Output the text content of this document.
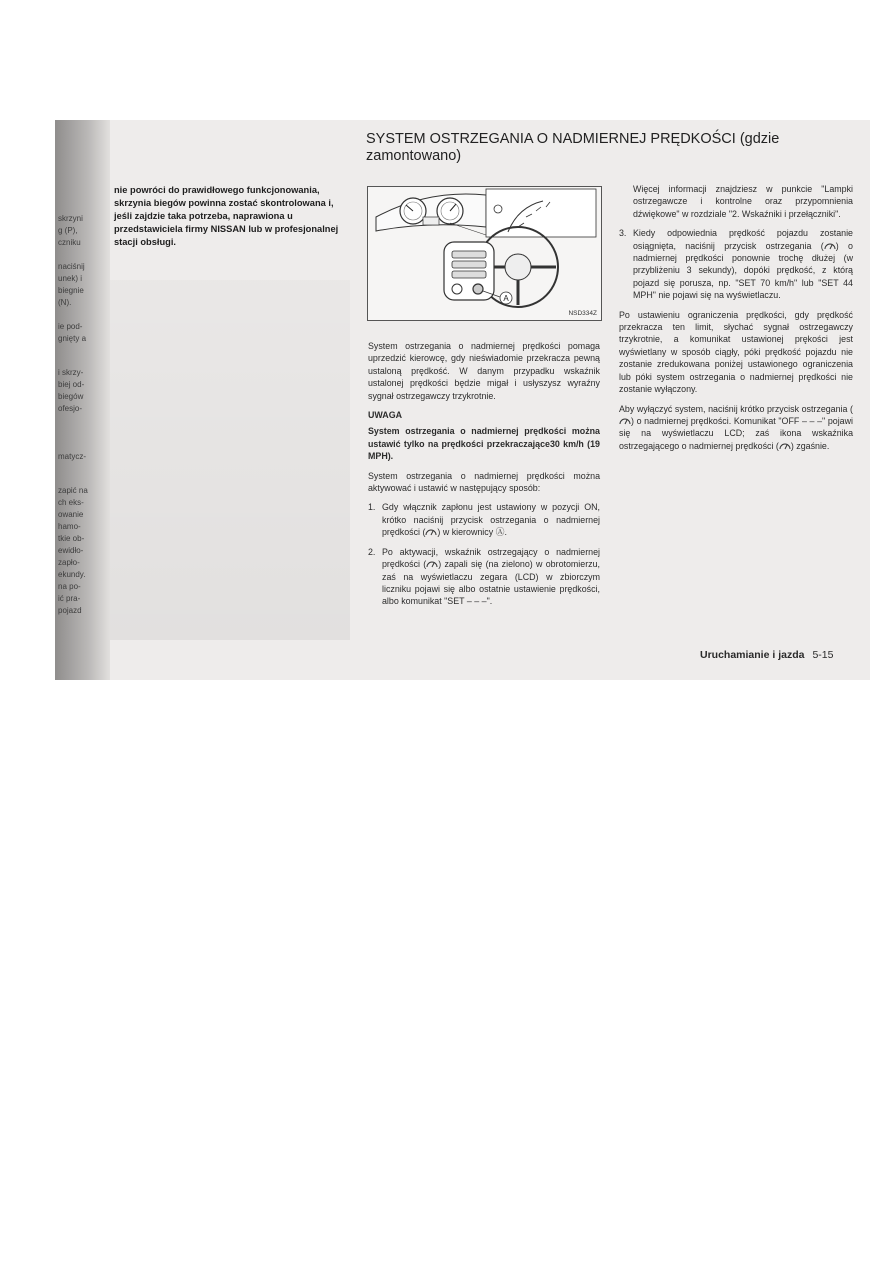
skrzyni
g (P),
czniku
naciśnij
unek) i
biegnie
(N).
ie pod-
gnięty a
i skrzy-
biej od-
biegów
ofesjo-
matycz-
zapić na
ch eks-
owanie
hamo-
tkie ob-
ewidło-
zapło-
ekundy.
na po-
ić pra-
pojazd

nie powróci do prawidłowego funkcjonowania, skrzynia biegów powinna zostać skontrolowana i, jeśli zajdzie taka potrzeba, naprawiona u przedstawiciela firmy NISSAN lub w profesjonalnej stacji obsługi.

SYSTEM OSTRZEGANIA O NADMIERNEJ PRĘDKOŚCI (gdzie
zamontowano)
A
NSD334Z

System ostrzegania o nadmiernej prędkości pomaga uprzedzić kierowcę, gdy nieświadomie przekracza pewną ustaloną prędkość. W danym przypadku wskaźnik ustalonej prędkości będzie migał i usłyszysz wyraźny sygnał ostrzegawczy trzykrotnie.

UWAGA

System ostrzegania o nadmiernej prędkości można ustawić tylko na prędkości przekraczające30 km/h (19 MPH).

System ostrzegania o nadmiernej prędkości można aktywować i ustawić w następujący sposób:

1. Gdy włącznik zapłonu jest ustawiony w pozycji ON, krótko naciśnij przycisk ostrzegania o nadmiernej prędkości ( ) w kierownicy Ⓐ.
2. Po aktywacji, wskaźnik ostrzegający o nadmiernej prędkości ( ) zapali się (na zielono) w obrotomierzu, zaś na wyświetlaczu zegara (LCD) w zbiorczym liczniku pojawi się albo ostatnie ustawienie prędkości, albo komunikat "SET – – –".

Więcej informacji znajdziesz w punkcie "Lampki ostrzegawcze i kontrolne oraz przypomnienia dźwiękowe" w rozdziale "2. Wskaźniki i przełączniki".

3. Kiedy odpowiednia prędkość pojazdu zostanie osiągnięta, naciśnij przycisk ostrzegania ( ) o nadmiernej prędkości ponownie trochę dłużej (w przybliżeniu 3 sekundy), dopóki prędkość, z którą pojazd się porusza, np. "SET 70 km/h" lub "SET 44 MPH" nie pojawi się na wyświetlaczu.

Po ustawieniu ograniczenia prędkości, gdy prędkość przekracza ten limit, słychać sygnał ostrzegawczy trzykrotnie, a komunikat ustawionej prękości jest wyświetlany w sposób ciągły, póki prędkość pojazdu nie zostanie zredukowana poniżej ustawionego ograniczenia lub póki system ostrzegania o nadmiernej prędkości nie zostanie wyłączony.

Aby wyłączyć system, naciśnij krótko przycisk ostrzegania () o nadmiernej prędkości. Komunikat "OFF – – –" pojawi się na wyświetlaczu LCD; zaś ikona wskaźnika ostrzegającego o nadmiernej prędkości ( ) zgaśnie.

Uruchamianie i jazda 5-15
